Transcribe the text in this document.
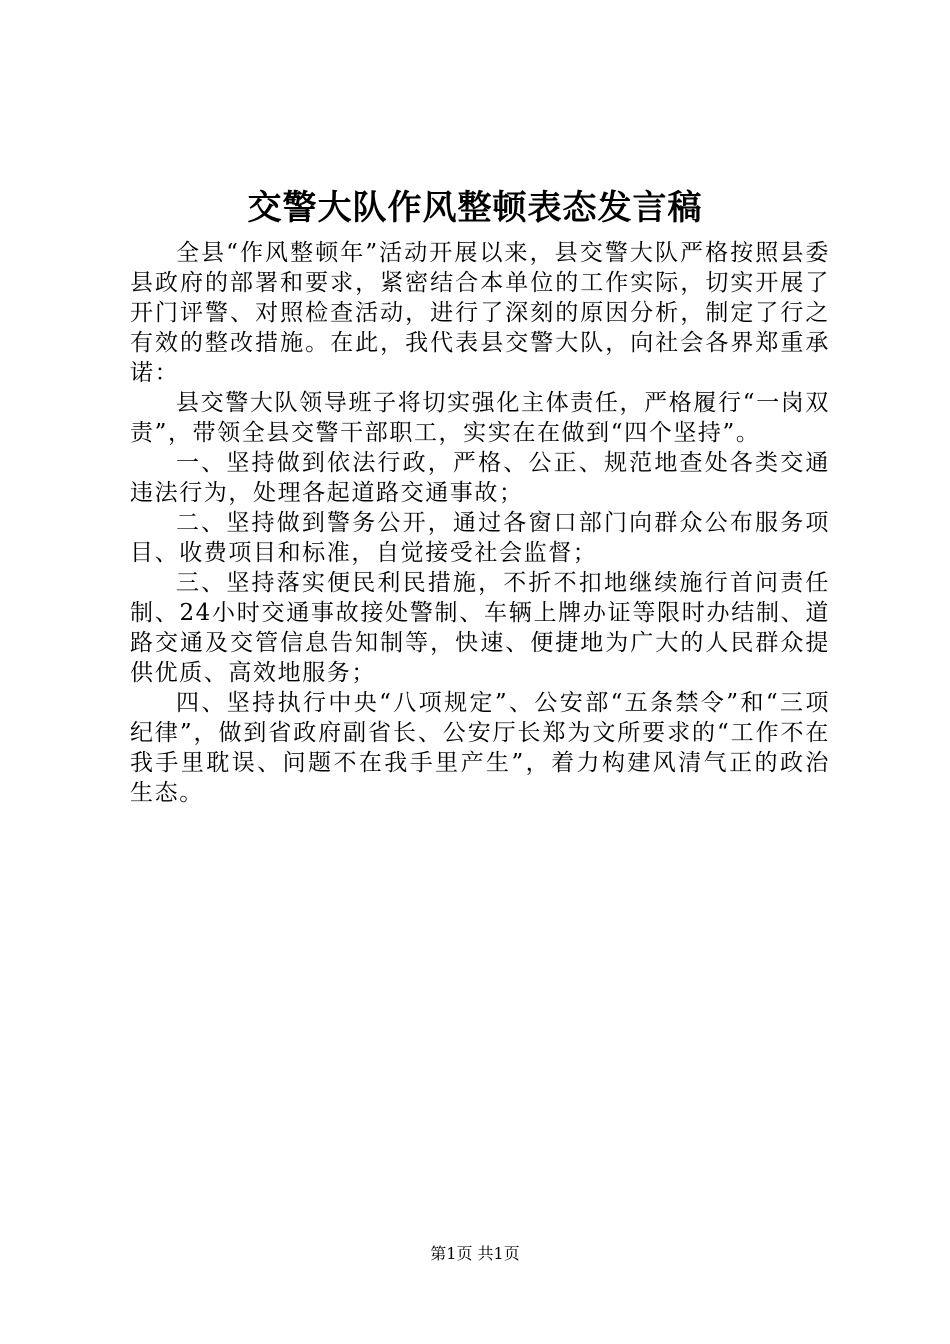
交警大队作风整顿表态发言稿

全县“作风整顿年”活动开展以来，县交警大队严格按照县委县政府的部署和要求，紧密结合本单位的工作实际，切实开展了开门评警、对照检查活动，进行了深刻的原因分析，制定了行之有效的整改措施。在此，我代表县交警大队，向社会各界郑重承诺：

县交警大队领导班子将切实强化主体责任，严格履行“一岗双责”，带领全县交警干部职工，实实在在做到“四个坚持”。

一、坚持做到依法行政，严格、公正、规范地查处各类交通违法行为，处理各起道路交通事故；

二、坚持做到警务公开，通过各窗口部门向群众公布服务项目、收费项目和标准，自觉接受社会监督；

三、坚持落实便民利民措施，不折不扣地继续施行首问责任制、24小时交通事故接处警制、车辆上牌办证等限时办结制、道路交通及交管信息告知制等，快速、便捷地为广大的人民群众提供优质、高效地服务；

四、坚持执行中央“八项规定”、公安部“五条禁令”和“三项纪律”，做到省政府副省长、公安厅长郑为文所要求的“工作不在我手里耽误、问题不在我手里产生”，着力构建风清气正的政治生态。

第1页 共1页
